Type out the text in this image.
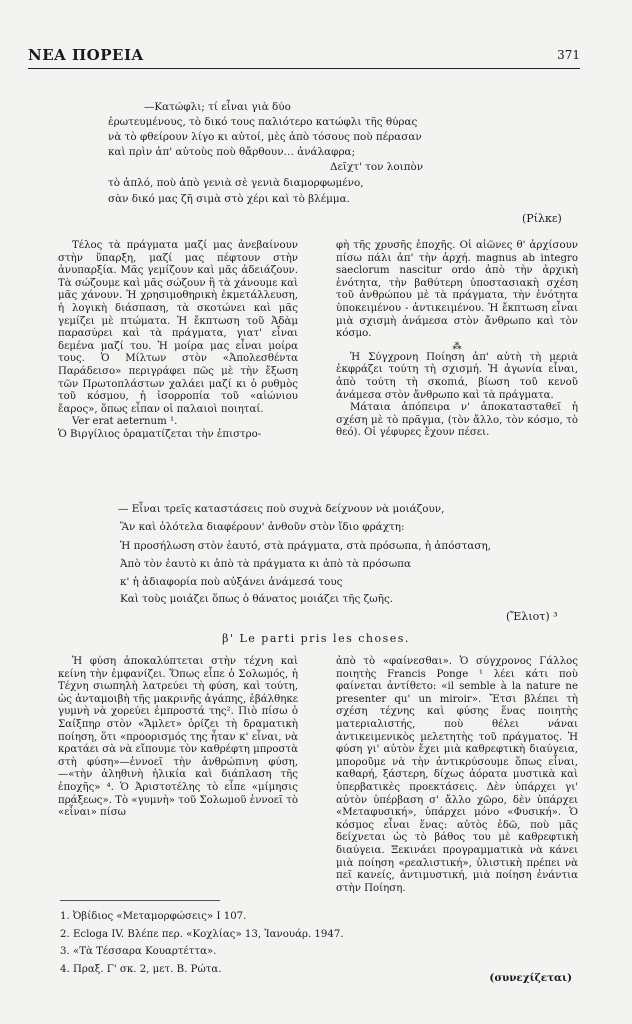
ΝΕΑ ΠΟΡΕΙΑ	371
—Κατώφλι; τί εἶναι γιὰ δύο
ἐρωτευμένους, τὸ δικό τους παλιότερο κατώφλι τῆς θύρας
νὰ τὸ φθείρουν λίγο κι αὐτοί, μὲς ἀπὸ τόσους ποὺ πέρασαν
καὶ πρὶν ἀπ' αὐτοὺς ποὺ θἄρθουν… ἀνάλαφρα;
Δεῖχτ' τον λοιπὸν
τὸ ἁπλό, ποὺ ἀπὸ γενιὰ σὲ γενιὰ διαμορφωμένο,
σὰν δικό μας ζῆ σιμὰ στὸ χέρι καὶ τὸ βλέμμα.
(Ρίλκε)

Τέλος τὰ πράγματα μαζί μας ἀνεβαίνουν στὴν ὕπαρξη, μαζί μας πέφτουν στὴν ἀνυπαρξία. Μᾶς γεμίζουν καὶ μᾶς ἀδειάζουν. Τὰ σώζουμε καὶ μᾶς σώζουν ἢ τὰ χάνουμε καὶ μᾶς χάνουν. Ἡ χρησιμοθηρικὴ ἐκμετάλλευση, ἡ λογικὴ διάσπαση, τὰ σκοτώνει καὶ μᾶς γεμίζει μὲ πτώματα. Ἡ ἔκπτωση τοῦ Ἀδὰμ παρασύρει καὶ τὰ πράγματα, γιατ' εἶναι δεμένα μαζί του. Ἡ μοίρα μας εἶναι μοίρα τους. Ὁ Μίλτων στὸν «Ἀπολεσθέντα Παράδεισο» περιγράφει πῶς μὲ τὴν ἔξωση τῶν Πρωτοπλάστων χαλάει μαζί κι ὁ ρυθμὸς τοῦ κόσμου, ἡ ἰσορροπία τοῦ «αἰώνιου ἔαρος», ὅπως εἶπαν οἱ παλαιοὶ ποιηταί.

Ver erat aeternum ¹.

Ὁ Βιργίλιος ὁραματίζεται τὴν ἐπιστρο-

φὴ τῆς χρυσῆς ἐποχῆς. Οἱ αἰῶνες θ' ἀρχίσουν πίσω πάλι ἀπ' τὴν ἀρχή. magnus ab integro saeclorum nascitur ordo ἀπὸ τὴν ἀρχικὴ ἑνότητα, τὴν βαθύτερη ὑποστασιακὴ σχέση τοῦ ἀνθρώπου μὲ τὰ πράγματα, τὴν ἑνότητα ὑποκειμένου - ἀντικειμένου. Ἡ ἔκπτωση εἶναι μιὰ σχισμὴ ἀνάμεσα στὸν ἄνθρωπο καὶ τὸν κόσμο.

⁂

Ἡ Σύγχρονη Ποίηση ἀπ' αὐτὴ τὴ μεριὰ ἐκφράζει τούτη τὴ σχισμή. Ἡ ἀγωνία εἶναι, ἀπὸ τούτη τὴ σκοπιά, βίωση τοῦ κενοῦ ἀνάμεσα στὸν ἄνθρωπο καὶ τὰ πράγματα.

Μάταια ἀπόπειρα ν' ἀποκατασταθεῖ ἡ σχέση μὲ τὸ πρᾶγμα, (τὸν ἄλλο, τὸν κόσμο, τὸ θεό). Οἱ γέφυρες ἔχουν πέσει.

— Εἶναι τρεῖς καταστάσεις ποὺ συχνὰ δείχνουν νὰ μοιάζουν,
Ἂν καὶ ὁλότελα διαφέρουν' ἀνθοῦν στὸν ἴδιο φράχτη:
Ἡ προσήλωση στὸν ἑαυτό, στὰ πράγματα, στὰ πρόσωπα, ἡ ἀπόσταση,
Ἀπὸ τὸν ἑαυτὸ κι ἀπὸ τὰ πράγματα κι ἀπὸ τὰ πρόσωπα
κ' ἡ ἀδιαφορία ποὺ αὐξάνει ἀνάμεσά τους
Καὶ τοὺς μοιάζει ὅπως ὁ θάνατος μοιάζει τῆς ζωῆς.
(Ἔλιοτ) ³
β' Le parti pris les choses.

Ἡ φύση ἀποκαλύπτεται στὴν τέχνη καὶ κείνη τὴν ἐμφανίζει. Ὅπως εἶπε ὁ Σολωμός, ἡ Τέχνη σιωπηλὴ λατρεύει τὴ φύση, καὶ τούτη, ὡς ἀνταμοιβὴ τῆς μακρινῆς ἀγάπης, ἐβάλθηκε γυμνὴ νὰ χορεύει ἐμπροστά της². Πιὸ πίσω ὁ Σαίξπηρ στὸν «Ἄμλετ» ὁρίζει τὴ δραματικὴ ποίηση, ὅτι «προορισμός της ἦταν κ' εἶναι, νὰ κρατάει σὰ νὰ εἴπουμε τὸν καθρέφτη μπροστὰ στὴ φύση»—ἐννοεῖ τὴν ἀνθρώπινη φύση,—«τὴν ἀληθινὴ ἡλικία καὶ διάπλαση τῆς ἐποχῆς» ⁴. Ὁ Ἀριστοτέλης τὸ εἶπε «μίμησις πράξεως». Τὸ «γυμνὴ» τοῦ Σολωμοῦ ἐννοεῖ τὸ «εἶναι» πίσω

ἀπὸ τὸ «φαίνεσθαι». Ὁ σύγχρονος Γάλλος ποιητὴς Francis Ponge ¹ λέει κάτι ποὺ φαίνεται ἀντίθετο: «il semble à la nature ne presenter qu' un miroir». Ἔτσι βλέπει τὴ σχέση τέχνης καὶ φύσης ἕνας ποιητὴς ματεριαλιστής, ποὺ θέλει νάναι ἀντικειμενικὸς μελετητὴς τοῦ πράγματος. Ἡ φύση γι' αὐτὸν ἔχει μιὰ καθρεφτικὴ διαύγεια, μποροῦμε νὰ τὴν ἀντικρύσουμε ὅπως εἶναι, καθαρή, ξάστερη, δίχως ἀόρατα μυστικὰ καὶ ὑπερβατικὲς προεκτάσεις. Δὲν ὑπάρχει γι' αὐτὸν ὑπέρβαση σ' ἄλλο χῶρο, δὲν ὑπάρχει «Μεταφυσική», ὑπάρχει μόνο «Φυσική». Ὁ κόσμος εἶναι ἕνας: αὐτὸς ἐδῶ, ποὺ μᾶς δείχνεται ὡς τὸ βάθος του μὲ καθρεφτικὴ διαύγεια. Ξεκινάει προγραμματικὰ νὰ κάνει μιὰ ποίηση «ρεαλιστική», ὑλιστικὴ πρέπει νὰ πεῖ κανείς, ἀντιμυστική, μιὰ ποίηση ἐνάντια στὴν Ποίηση.

1. Ὀβίδιος «Μεταμορφώσεις» Ι 107.
2. Ecloga IV. Βλέπε περ. «Κοχλίας» 13, Ἰανουάρ. 1947.
3. «Τὰ Τέσσαρα Κουαρτέττα».
4. Πραξ. Γ' σκ. 2, μετ. Β. Ρώτα.
(συνεχίζεται)
